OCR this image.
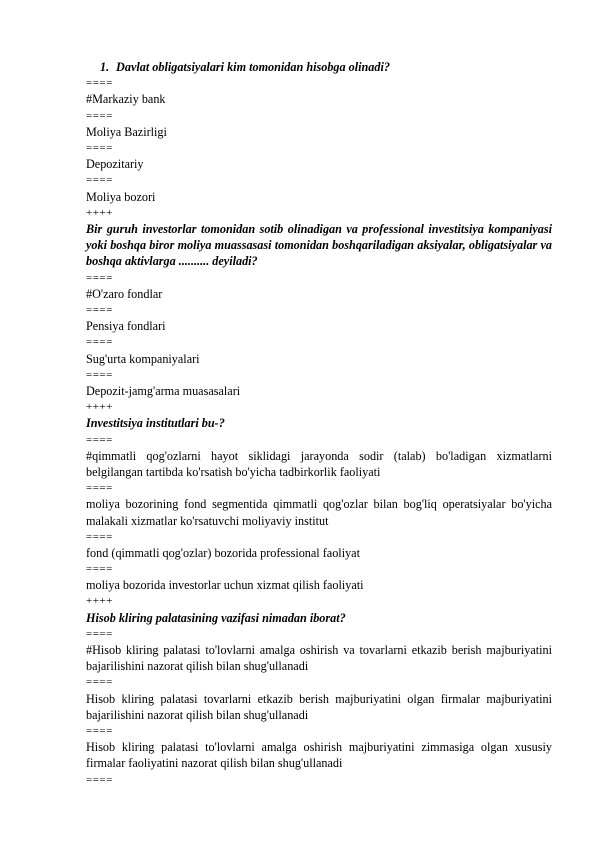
1. Davlat obligatsiyalari kim tomonidan hisobga olinadi?
====
#Markaziy bank
====
Moliya Bazirligi
====
Depozitariy
====
Moliya bozori
++++
Bir guruh investorlar tomonidan sotib olinadigan va professional investitsiya kompaniyasi yoki boshqa biror moliya muassasasi tomonidan boshqariladigan aksiyalar, obligatsiyalar va boshqa aktivlarga .......... deyiladi?
====
#O'zaro fondlar
====
Pensiya fondlari
====
Sug'urta kompaniyalari
====
Depozit-jamg'arma muasasalari
++++
Investitsiya institutlari bu-?
====
#qimmatli qog'ozlarni hayot siklidagi jarayonda sodir (talab) bo'ladigan xizmatlarni belgilangan tartibda ko'rsatish bo'yicha tadbirkorlik faoliyati
====
moliya bozorining fond segmentida qimmatli qog'ozlar bilan bog'liq operatsiyalar bo'yicha malakali xizmatlar ko'rsatuvchi moliyaviy institut
====
fond (qimmatli qog'ozlar) bozorida professional faoliyat
====
moliya bozorida investorlar uchun xizmat qilish faoliyati
++++
Hisob kliring palatasining vazifasi nimadan iborat?
====
#Hisob kliring palatasi to'lovlarni amalga oshirish va tovarlarni etkazib berish majburiyatini bajarilishini nazorat qilish bilan shug'ullanadi
====
Hisob kliring palatasi tovarlarni etkazib berish majburiyatini olgan firmalar majburiyatini bajarilishini nazorat qilish bilan shug'ullanadi
====
Hisob kliring palatasi to'lovlarni amalga oshirish majburiyatini zimmasiga olgan xususiy firmalar faoliyatini nazorat qilish bilan shug'ullanadi
====
